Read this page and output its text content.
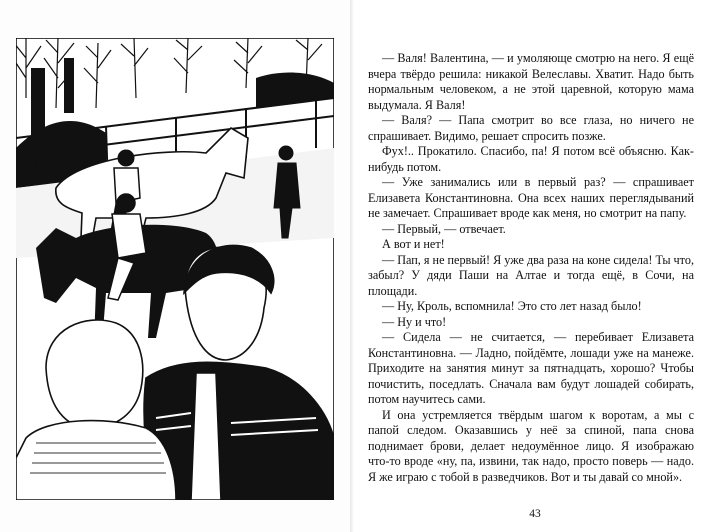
— Валя! Валентина, — и умоляюще смотрю на него. Я ещё вчера твёрдо решила: никакой Велеславы. Хватит. Надо быть нормальным человеком, а не этой царевной, которую мама выдумала. Я Валя!

— Валя? — Папа смотрит во все глаза, но ничего не спрашивает. Видимо, решает спросить позже.

Фух!.. Прокатило. Спасибо, па! Я потом всё объясню. Как-нибудь потом.

— Уже занимались или в первый раз? — спрашивает Елизавета Константиновна. Она всех наших переглядываний не замечает. Спрашивает вроде как меня, но смотрит на папу.

— Первый, — отвечает.

А вот и нет!

— Пап, я не первый! Я уже два раза на коне сидела! Ты что, забыл? У дяди Паши на Алтае и тогда ещё, в Сочи, на площади.

— Ну, Кроль, вспомнила! Это сто лет назад было!

— Ну и что!

— Сидела — не считается, — перебивает Елизавета Константиновна. — Ладно, пойдёмте, лошади уже на манеже. Приходите на занятия минут за пятнадцать, хорошо? Чтобы почистить, поседлать. Сначала вам будут лошадей собирать, потом научитесь сами.

И она устремляется твёрдым шагом к воротам, а мы с папой следом. Оказавшись у неё за спиной, папа снова поднимает брови, делает недоумённое лицо. Я изображаю что-то вроде «ну, па, извини, так надо, просто поверь — надо. Я же играю с тобой в разведчиков. Вот и ты давай со мной».

43
